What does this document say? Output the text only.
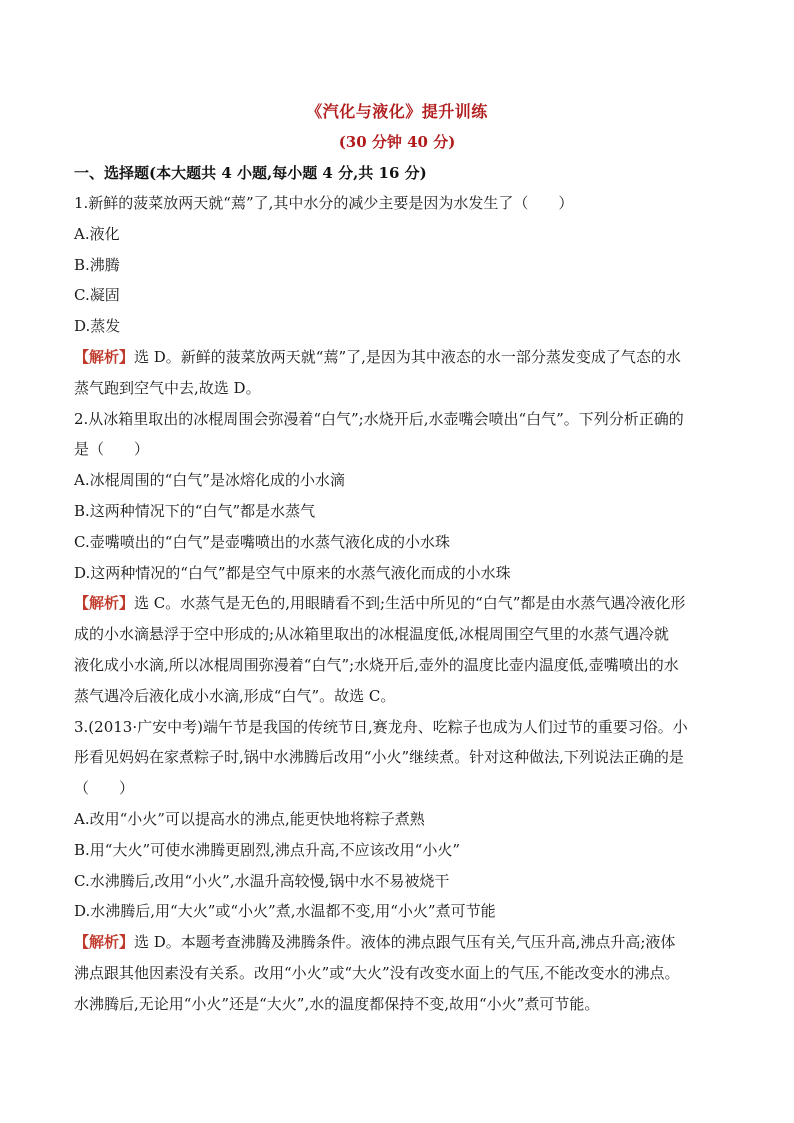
《汽化与液化》提升训练
(30 分钟 40 分)
一、选择题(本大题共 4 小题,每小题 4 分,共 16 分)
1.新鲜的菠菜放两天就“蔫”了,其中水分的减少主要是因为水发生了（　　）
A.液化
B.沸腾
C.凝固
D.蒸发
【解析】选 D。新鲜的菠菜放两天就“蔫”了,是因为其中液态的水一部分蒸发变成了气态的水
蒸气跑到空气中去,故选 D。
2.从冰箱里取出的冰棍周围会弥漫着“白气”;水烧开后,水壶嘴会喷出“白气”。下列分析正确的
是（　　）
A.冰棍周围的“白气”是冰熔化成的小水滴
B.这两种情况下的“白气”都是水蒸气
C.壶嘴喷出的“白气”是壶嘴喷出的水蒸气液化成的小水珠
D.这两种情况的“白气”都是空气中原来的水蒸气液化而成的小水珠
【解析】选 C。水蒸气是无色的,用眼睛看不到;生活中所见的“白气”都是由水蒸气遇冷液化形
成的小水滴悬浮于空中形成的;从冰箱里取出的冰棍温度低,冰棍周围空气里的水蒸气遇冷就
液化成小水滴,所以冰棍周围弥漫着“白气”;水烧开后,壶外的温度比壶内温度低,壶嘴喷出的水
蒸气遇冷后液化成小水滴,形成“白气”。故选 C。
3.(2013·广安中考)端午节是我国的传统节日,赛龙舟、吃粽子也成为人们过节的重要习俗。小
彤看见妈妈在家煮粽子时,锅中水沸腾后改用“小火”继续煮。针对这种做法,下列说法正确的是
（　　）
A.改用“小火”可以提高水的沸点,能更快地将粽子煮熟
B.用“大火”可使水沸腾更剧烈,沸点升高,不应该改用“小火”
C.水沸腾后,改用“小火”,水温升高较慢,锅中水不易被烧干
D.水沸腾后,用“大火”或“小火”煮,水温都不变,用“小火”煮可节能
【解析】选 D。本题考查沸腾及沸腾条件。液体的沸点跟气压有关,气压升高,沸点升高;液体
沸点跟其他因素没有关系。改用“小火”或“大火”没有改变水面上的气压,不能改变水的沸点。
水沸腾后,无论用“小火”还是“大火”,水的温度都保持不变,故用“小火”煮可节能。
